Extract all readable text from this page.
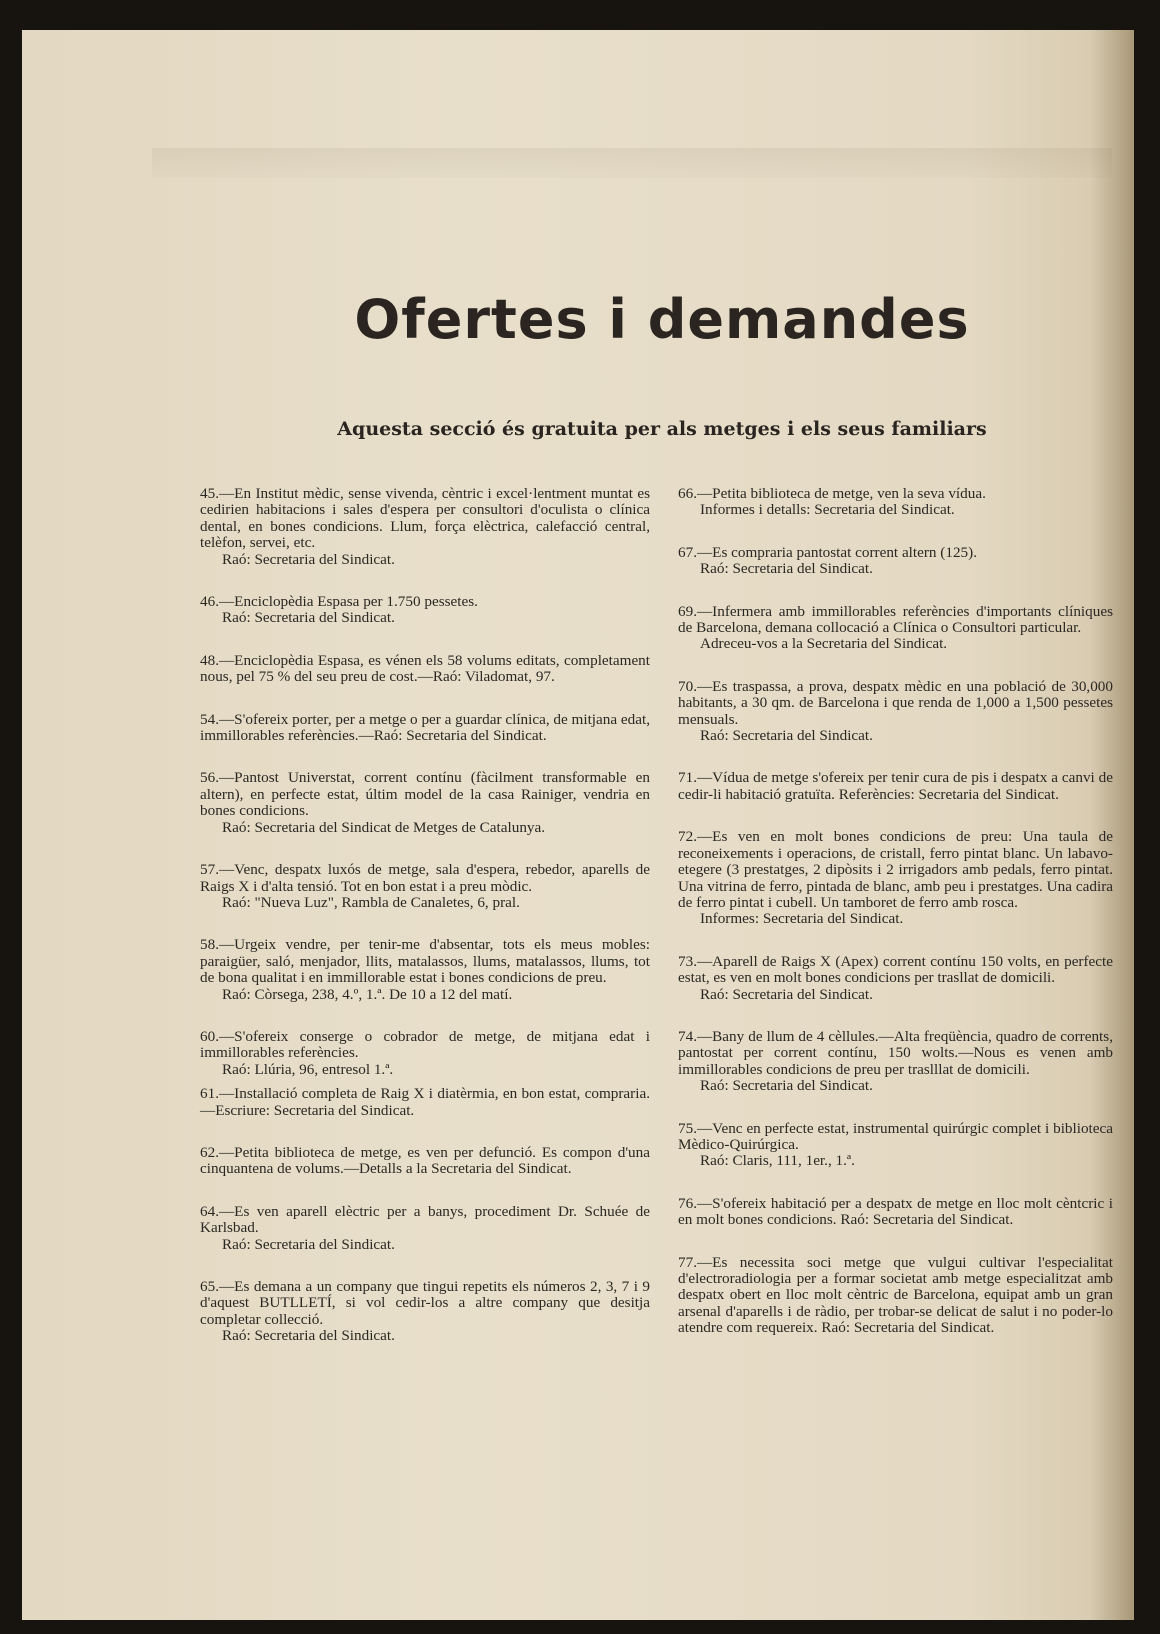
Ofertes i demandes
Aquesta secció és gratuita per als metges i els seus familiars
45.—En Institut mèdic, sense vivenda, cèntric i excel·lentment muntat es cedirien habitacions i sales d'espera per consultori d'oculista o clínica dental, en bones condicions. Llum, força elèctrica, calefacció central, telèfon, servei, etc.
Raó: Secretaria del Sindicat.
46.—Enciclopèdia Espasa per 1.750 pessetes.
Raó: Secretaria del Sindicat.
48.—Enciclopèdia Espasa, es vénen els 58 volums editats, completament nous, pel 75 % del seu preu de cost.—Raó: Viladomat, 97.
54.—S'ofereix porter, per a metge o per a guardar clínica, de mitjana edat, immillorables referències.—Raó: Secretaria del Sindicat.
56.—Pantost Universtat, corrent contínu (fàcilment transformable en altern), en perfecte estat, últim model de la casa Rainiger, vendria en bones condicions.
Raó: Secretaria del Sindicat de Metges de Catalunya.
57.—Venc, despatx luxós de metge, sala d'espera, rebedor, aparells de Raigs X i d'alta tensió. Tot en bon estat i a preu mòdic.
Raó: "Nueva Luz", Rambla de Canaletes, 6, pral.
58.—Urgeix vendre, per tenir-me d'absentar, tots els meus mobles: paraigüer, saló, menjador, llits, matalassos, llums, matalassos, llums, tot de bona qualitat i en immillorable estat i bones condicions de preu.
Raó: Còrsega, 238, 4.º, 1.ª. De 10 a 12 del matí.
60.—S'ofereix conserge o cobrador de metge, de mitjana edat i immillorables referències.
Raó: Llúria, 96, entresol 1.ª.
61.—Installació completa de Raig X i diatèrmia, en bon estat, compraria.—Escriure: Secretaria del Sindicat.
62.—Petita biblioteca de metge, es ven per defunció. Es compon d'una cinquantena de volums.—Detalls a la Secretaria del Sindicat.
64.—Es ven aparell elèctric per a banys, procediment Dr. Schuée de Karlsbad.
Raó: Secretaria del Sindicat.
65.—Es demana a un company que tingui repetits els números 2, 3, 7 i 9 d'aquest BUTLLETÍ, si vol cedir-los a altre company que desitja completar collecció.
Raó: Secretaria del Sindicat.
66.—Petita biblioteca de metge, ven la seva vídua.
Informes i detalls: Secretaria del Sindicat.
67.—Es compraria pantostat corrent altern (125).
Raó: Secretaria del Sindicat.
69.—Infermera amb immillorables referències d'importants clíniques de Barcelona, demana collocació a Clínica o Consultori particular.
Adreceu-vos a la Secretaria del Sindicat.
70.—Es traspassa, a prova, despatx mèdic en una població de 30,000 habitants, a 30 qm. de Barcelona i que renda de 1,000 a 1,500 pessetes mensuals.
Raó: Secretaria del Sindicat.
71.—Vídua de metge s'ofereix per tenir cura de pis i despatx a canvi de cedir-li habitació gratuïta. Referències: Secretaria del Sindicat.
72.—Es ven en molt bones condicions de preu: Una taula de reconeixements i operacions, de cristall, ferro pintat blanc. Un labavo-etegere (3 prestatges, 2 dipòsits i 2 irrigadors amb pedals, ferro pintat. Una vitrina de ferro, pintada de blanc, amb peu i prestatges. Una cadira de ferro pintat i cubell. Un tamboret de ferro amb rosca.
Informes: Secretaria del Sindicat.
73.—Aparell de Raigs X (Apex) corrent contínu 150 volts, en perfecte estat, es ven en molt bones condicions per trasllat de domicili.
Raó: Secretaria del Sindicat.
74.—Bany de llum de 4 cèllules.—Alta freqüència, quadro de corrents, pantostat per corrent contínu, 150 wolts.—Nous es venen amb immillorables condicions de preu per traslllat de domicili.
Raó: Secretaria del Sindicat.
75.—Venc en perfecte estat, instrumental quirúrgic complet i biblioteca Mèdico-Quirúrgica.
Raó: Claris, 111, 1er., 1.ª.
76.—S'ofereix habitació per a despatx de metge en lloc molt cèntcric i en molt bones condicions. Raó: Secretaria del Sindicat.
77.—Es necessita soci metge que vulgui cultivar l'especialitat d'electroradiologia per a formar societat amb metge especialitzat amb despatx obert en lloc molt cèntric de Barcelona, equipat amb un gran arsenal d'aparells i de ràdio, per trobar-se delicat de salut i no poder-lo atendre com requereix. Raó: Secretaria del Sindicat.
